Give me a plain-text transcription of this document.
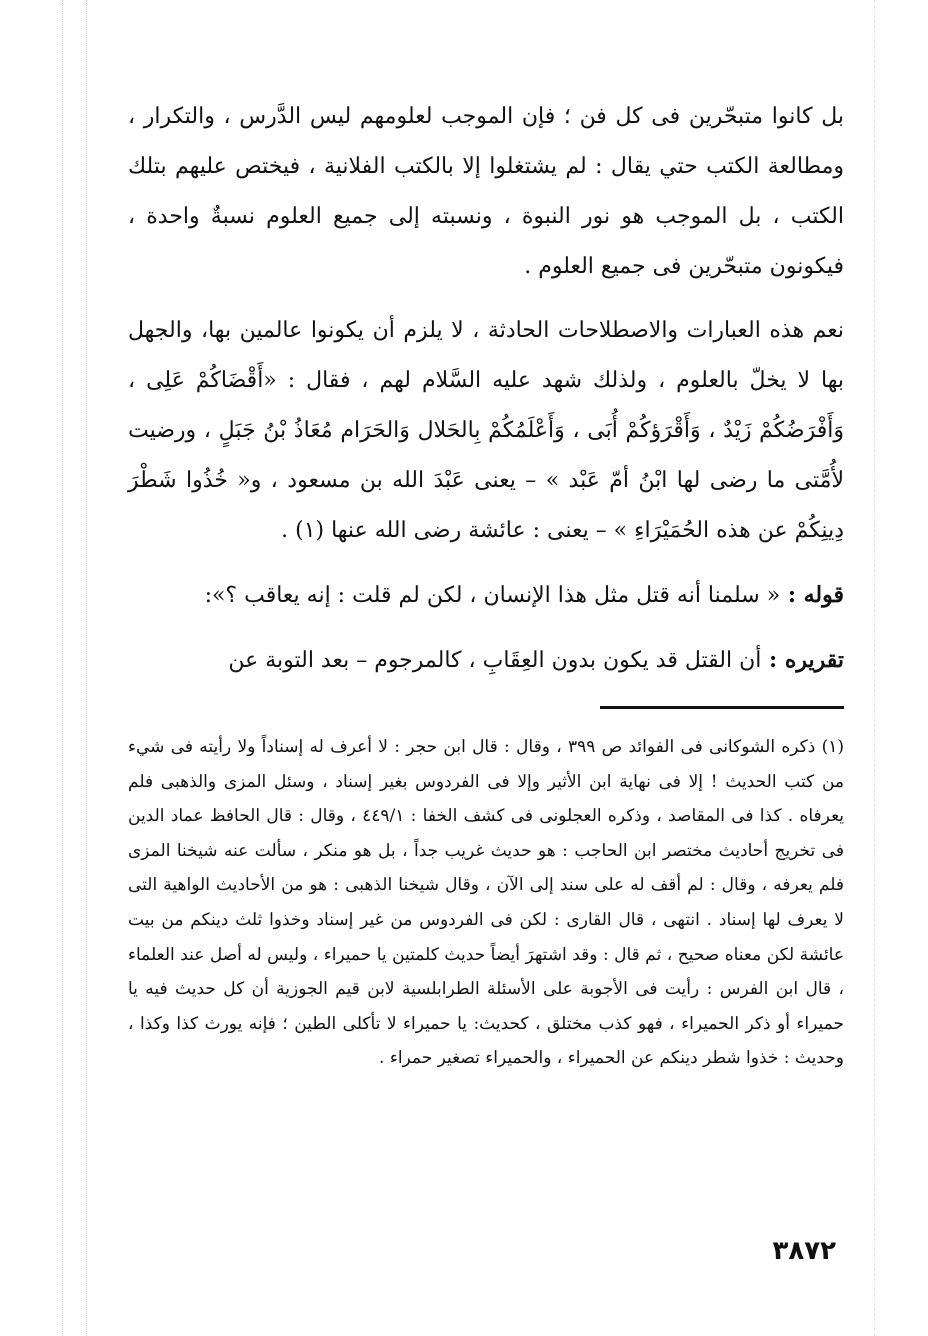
بل كانوا متبحّرين فى كل فن ؛ فإن الموجب لعلومهم ليس الدَّرس ، والتكرار ، ومطالعة الكتب حتي يقال : لم يشتغلوا إلا بالكتب الفلانية ، فيختص عليهم بتلك الكتب ، بل الموجب هو نور النبوة ، ونسبته إلى جميع العلوم نسبةٌ واحدة ، فيكونون متبحّرين فى جميع العلوم .

نعم هذه العبارات والاصطلاحات الحادثة ، لا يلزم أن يكونوا عالمين بها، والجهل بها لا يخلّ بالعلوم ، ولذلك شهد عليه السَّلام لهم ، فقال : «أَقْضَاكُمْ عَلِى ، وَأَفْرَضُكُمْ زَيْدٌ ، وَأَقْرَؤكُمْ أُبَى ، وَأَعْلَمُكُمْ بِالحَلال وَالحَرَام مُعَاذُ بْنُ جَبَلٍ ، ورضيت لأُمَّتى ما رضى لها ابْنُ أمّ عَبْد » – يعنى عَبْدَ الله بن مسعود ، و« خُذُوا شَطْرَ دِينِكُمْ عن هذه الحُمَيْرَاءِ » – يعنى : عائشة رضى الله عنها (١) .

قوله : « سلمنا أنه قتل مثل هذا الإنسان ، لكن لم قلت : إنه يعاقب ؟»:

تقريره : أن القتل قد يكون بدون العِقَابِ ، كالمرجوم – بعد التوبة عن

(١) ذكره الشوكانى فى الفوائد ص ٣٩٩ ، وقال : قال ابن حجر : لا أعرف له إسناداً ولا رأيته فى شيء من كتب الحديث ! إلا فى نهاية ابن الأثير وإلا فى الفردوس بغير إسناد ، وسئل المزى والذهبى فلم يعرفاه . كذا فى المقاصد ، وذكره العجلونى فى كشف الخفا : ٤٤٩/١ ، وقال : قال الحافظ عماد الدين فى تخريج أحاديث مختصر ابن الحاجب : هو حديث غريب جداً ، بل هو منكر ، سألت عنه شيخنا المزى فلم يعرفه ، وقال : لم أقف له على سند إلى الآن ، وقال شيخنا الذهبى : هو من الأحاديث الواهية التى لا يعرف لها إسناد . انتهى ، قال القارى : لكن فى الفردوس من غير إسناد وخذوا ثلث دينكم من بيت عائشة لكن معناه صحيح ، ثم قال : وقد اشتهرَ أيضاً حديث كلمتين يا حميراء ، وليس له أصل عند العلماء ، قال ابن الفرس : رأيت فى الأجوبة على الأسئلة الطرابلسية لابن قيم الجوزية أن كل حديث فيه يا حميراء أو ذكر الحميراء ، فهو كذب مختلق ، كحديث: يا حميراء لا تأكلى الطين ؛ فإنه يورث كذا وكذا ، وحديث : خذوا شطر دينكم عن الحميراء ، والحميراء تصغير حمراء .

٣٨٧٢
